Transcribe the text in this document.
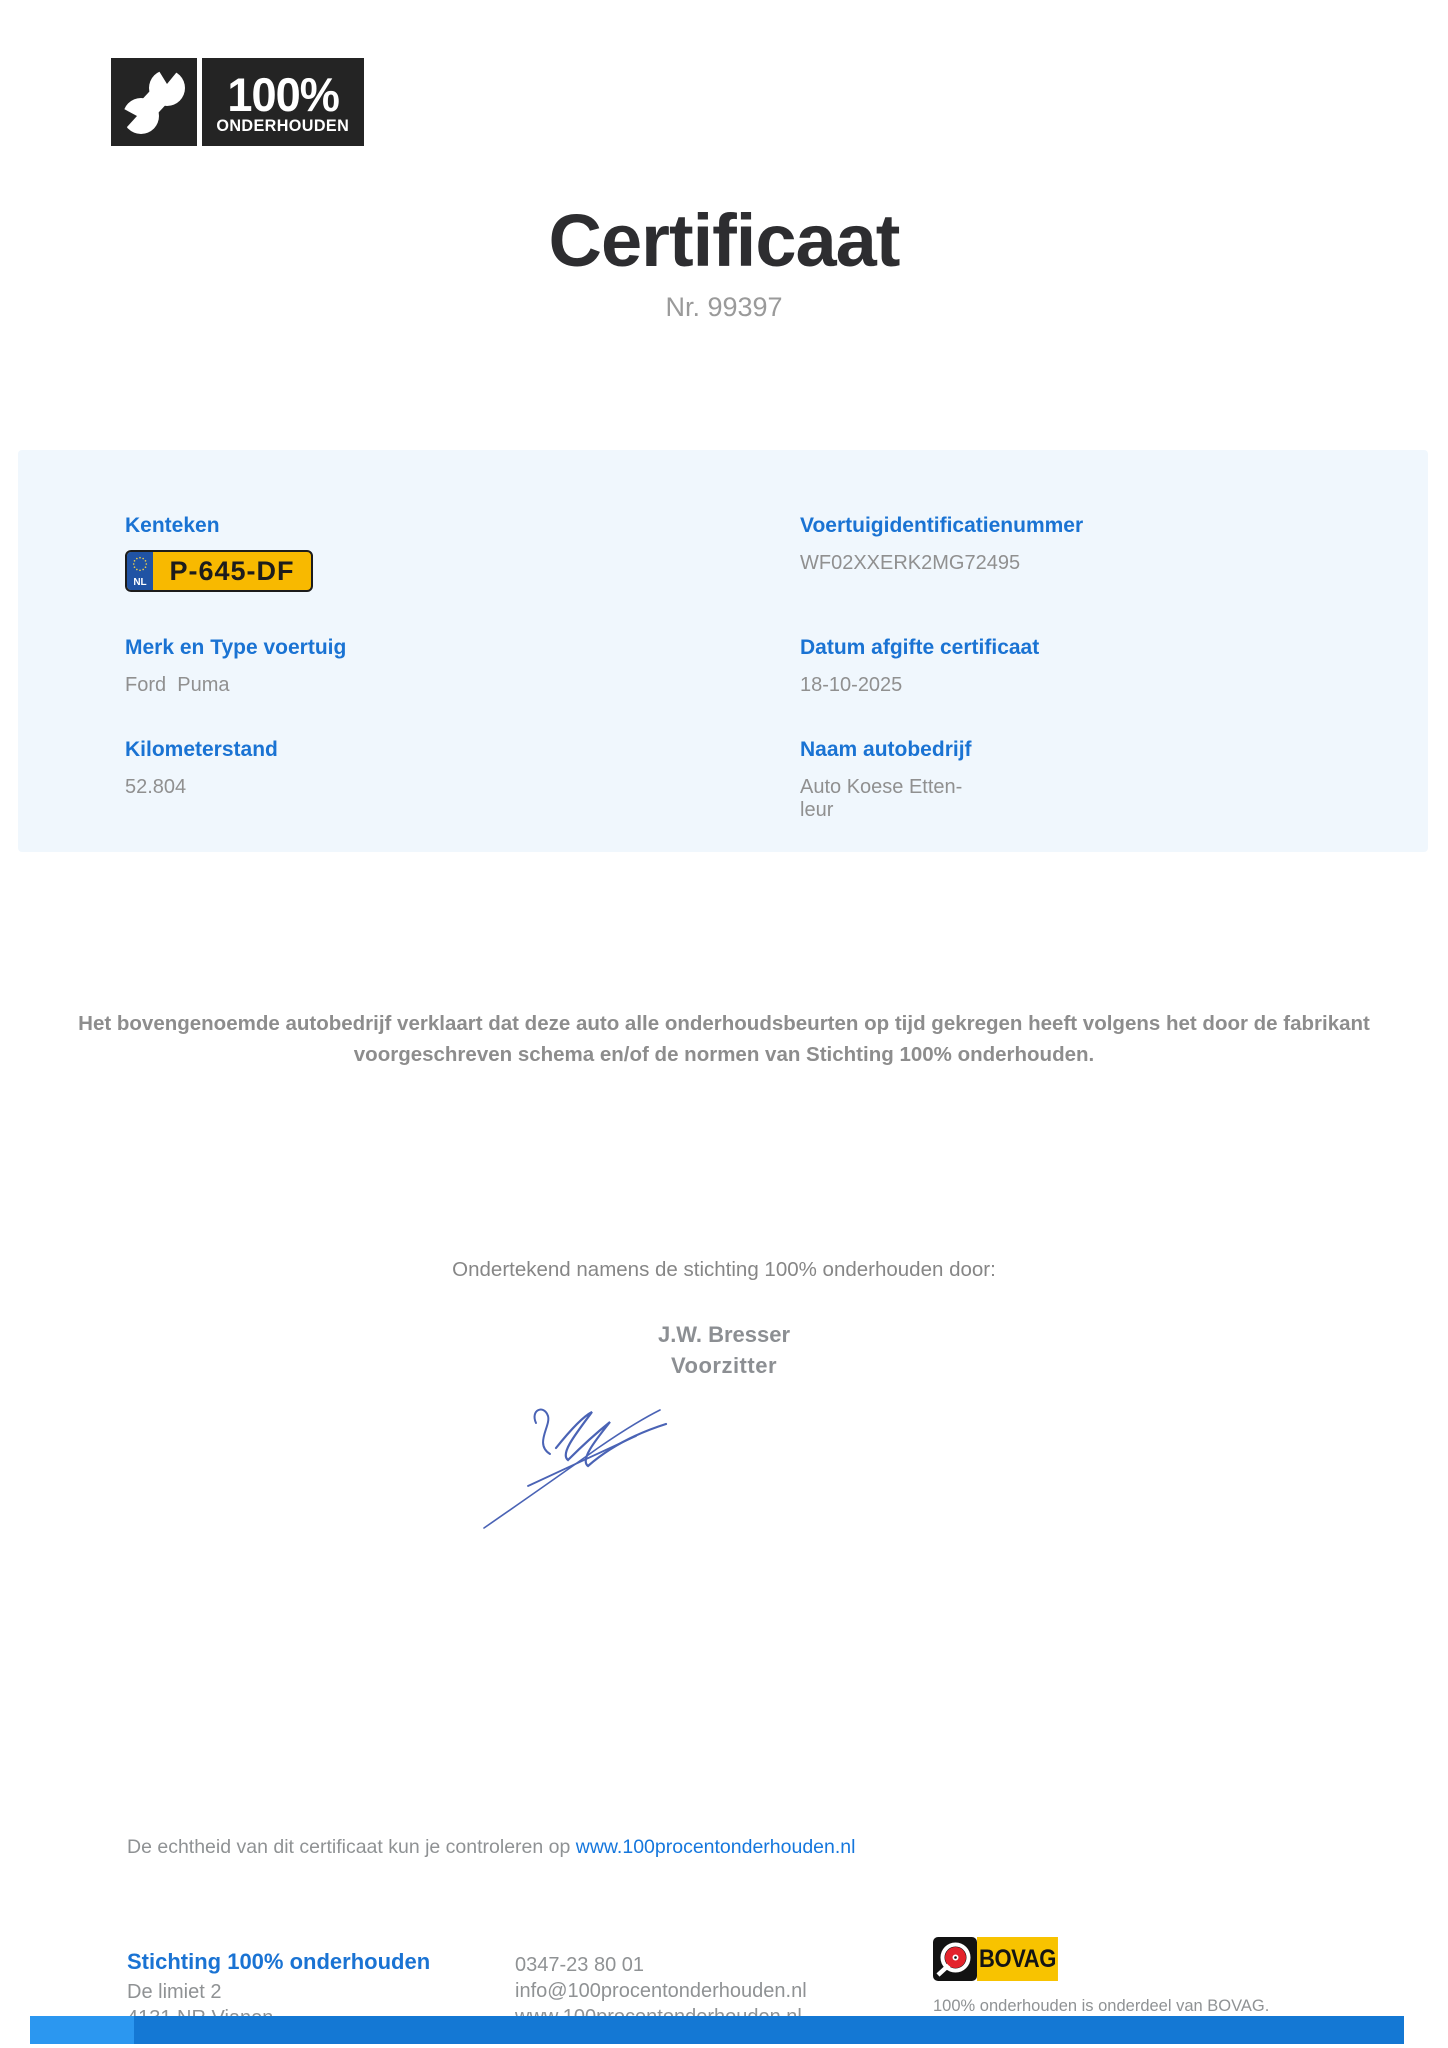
100%
ONDERHOUDEN
Certificaat
Nr. 99397
Kenteken
NL P-645-DF
Merk en Type voertuig
Ford  Puma
Kilometerstand
52.804
Voertuigidentificatienummer
WF02XXERK2MG72495
Datum afgifte certificaat
18-10-2025
Naam autobedrijf
Auto Koese Etten-leur

Het bovengenoemde autobedrijf verklaart dat deze auto alle onderhoudsbeurten op tijd gekregen heeft volgens het door de fabrikant voorgeschreven schema en/of de normen van Stichting 100% onderhouden.

Ondertekend namens de stichting 100% onderhouden door:

J.W. Bresser
Voorzitter

De echtheid van dit certificaat kun je controleren op www.100procentonderhouden.nl

Stichting 100% onderhouden
De limiet 2
0347-23 80 01
info@100procentonderhouden.nl
BOVAG
100% onderhouden is onderdeel van BOVAG.
